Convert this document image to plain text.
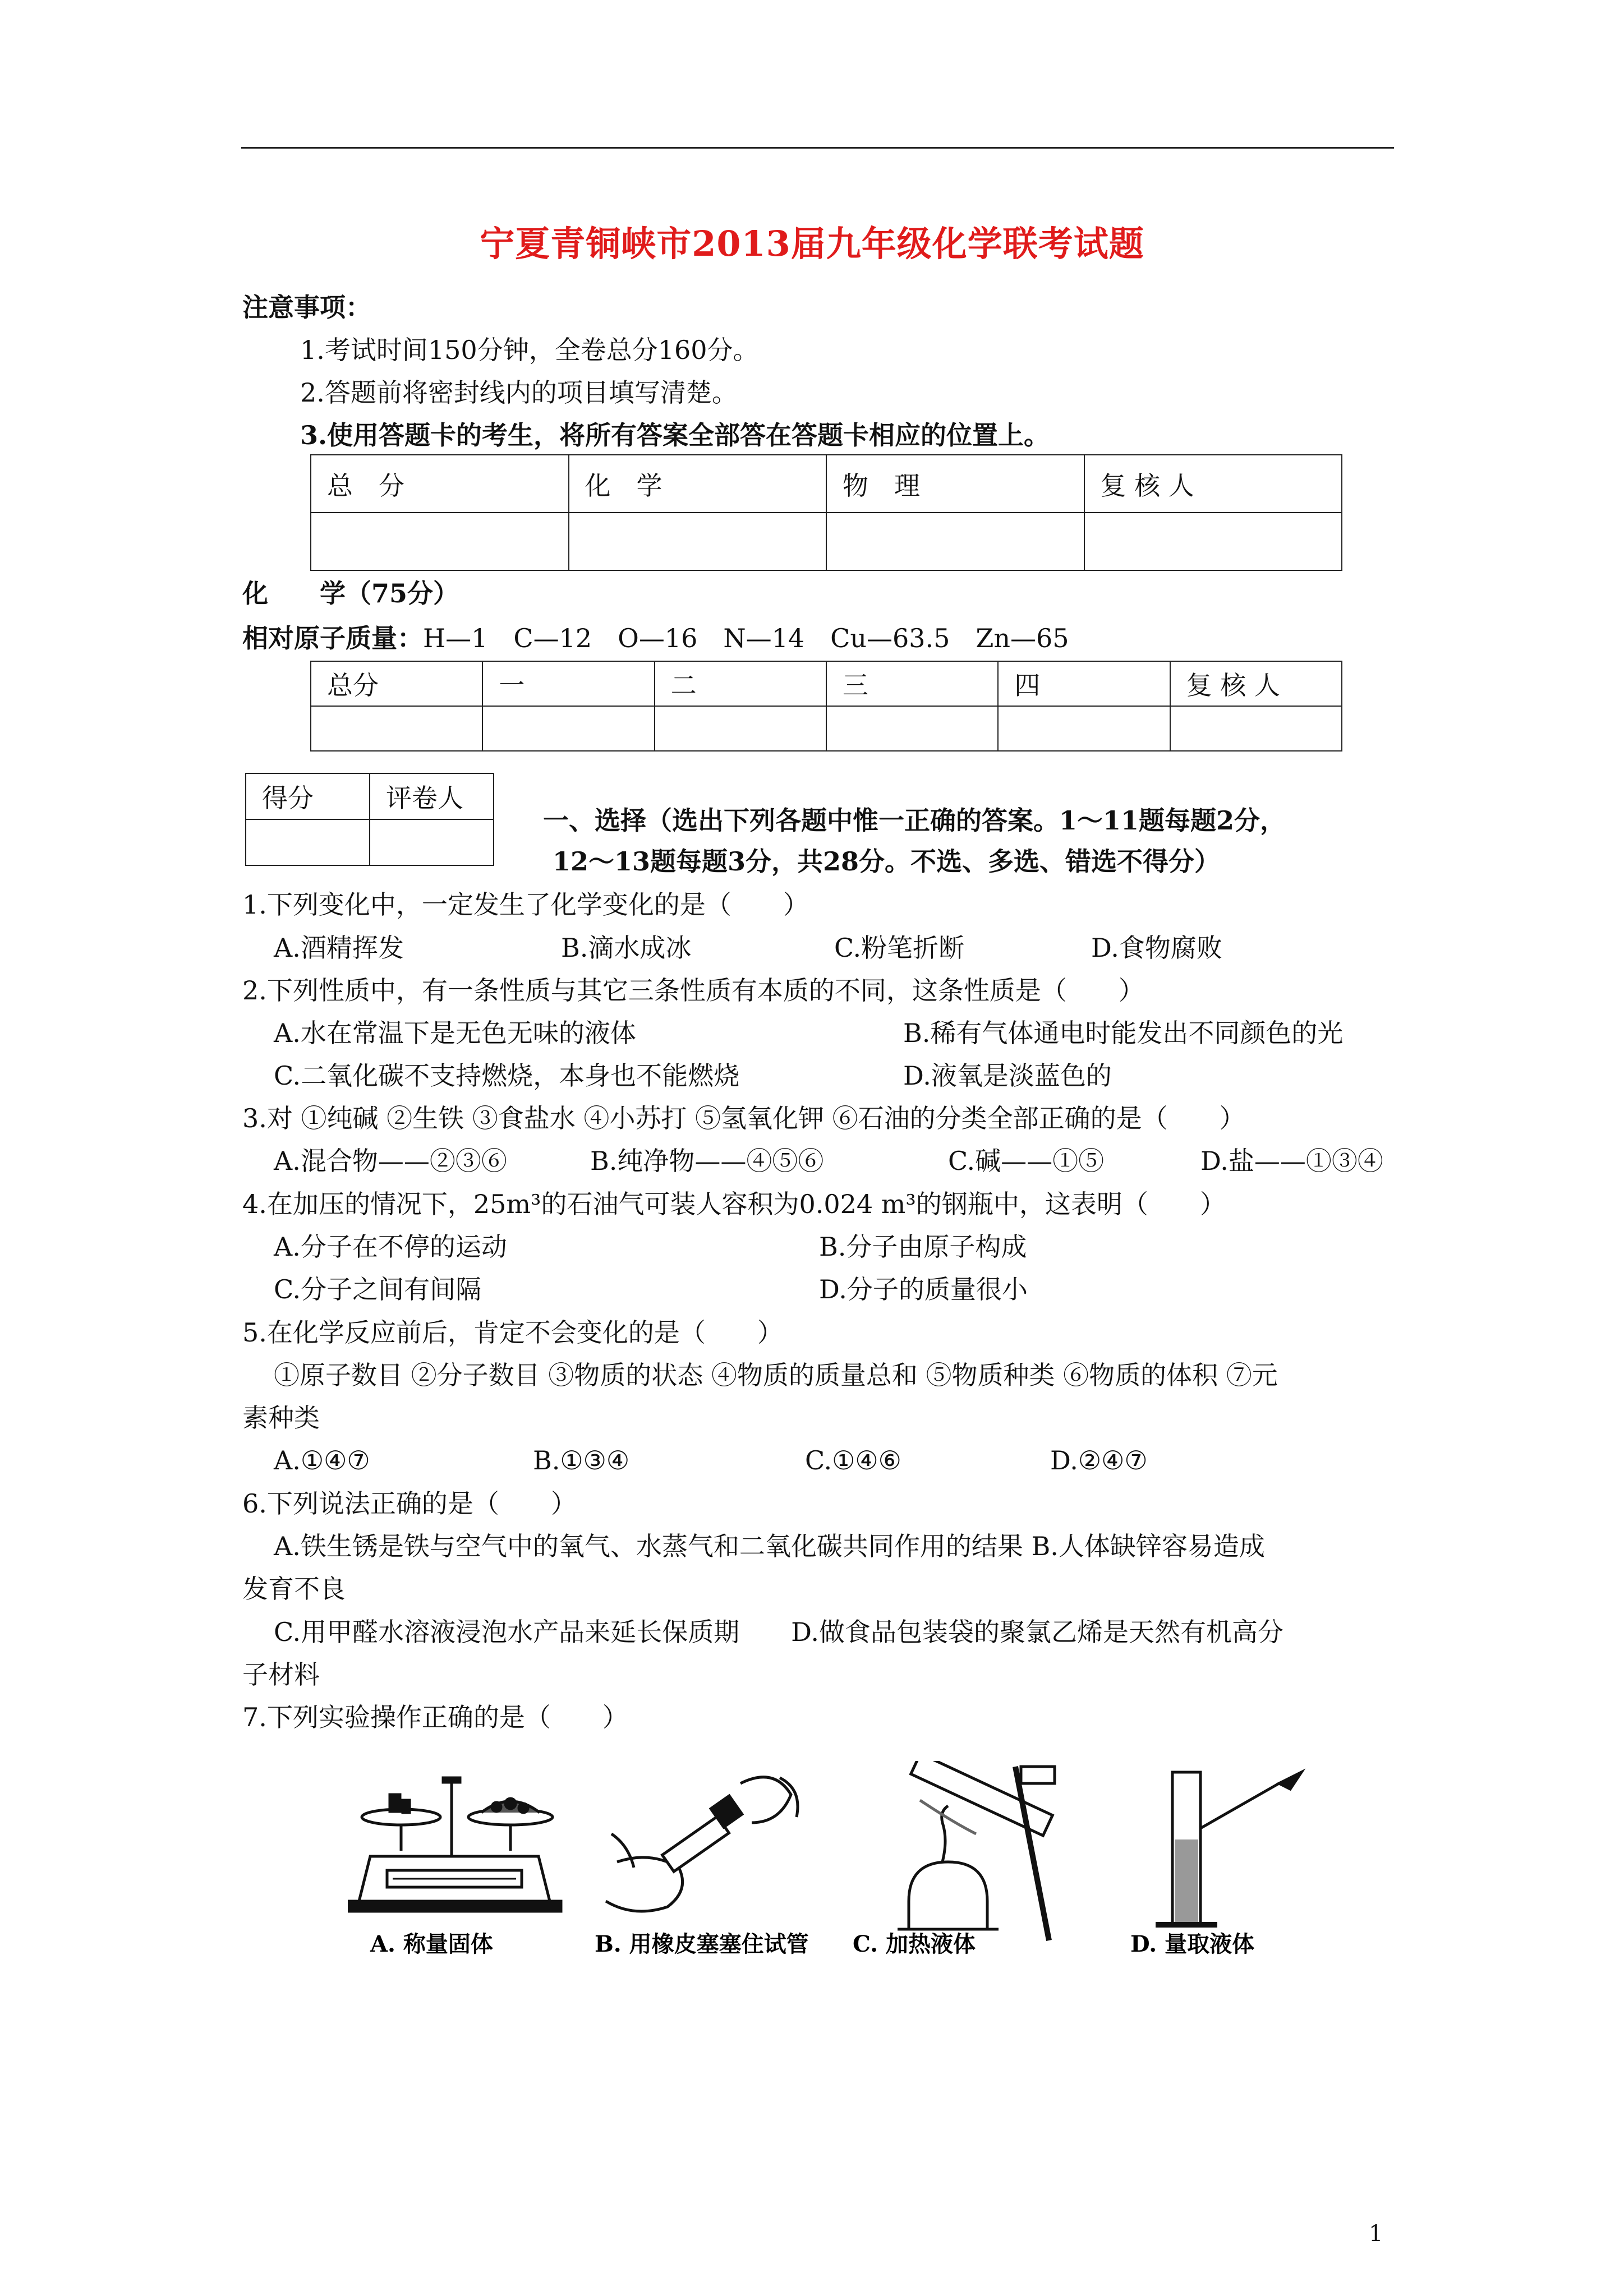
宁夏青铜峡市2013届九年级化学联考试题
注意事项：
1.考试时间150分钟，全卷总分160分。
2.答题前将密封线内的项目填写清楚。
3.使用答题卡的考生，将所有答案全部答在答题卡相应的位置上。
总　分	化　学	物　理	复 核 人

化　　学（75分）
相对原子质量：H—1　C—12　O—16　N—14　Cu—63.5　Zn—65
总分	一	二	三	四	复 核 人

得分	评卷人

一、选择（选出下列各题中惟一正确的答案。1～11题每题2分，
12～13题每题3分，共28分。不选、多选、错选不得分）
1.下列变化中，一定发生了化学变化的是（　　）
A.酒精挥发	B.滴水成冰	C.粉笔折断	D.食物腐败
2.下列性质中，有一条性质与其它三条性质有本质的不同，这条性质是（　　）
A.水在常温下是无色无味的液体	B.稀有气体通电时能发出不同颜色的光
C.二氧化碳不支持燃烧，本身也不能燃烧	D.液氧是淡蓝色的
3.对 ①纯碱 ②生铁 ③食盐水 ④小苏打 ⑤氢氧化钾 ⑥石油的分类全部正确的是（　　）
A.混合物——②③⑥	B.纯净物——④⑤⑥	C.碱——①⑤	D.盐——①③④
4.在加压的情况下，25m³的石油气可装人容积为0.024 m³的钢瓶中，这表明（　　）
A.分子在不停的运动	B.分子由原子构成
C.分子之间有间隔	D.分子的质量很小
5.在化学反应前后，肯定不会变化的是（　　）
①原子数目 ②分子数目 ③物质的状态 ④物质的质量总和 ⑤物质种类 ⑥物质的体积 ⑦元
素种类
A.①④⑦	B.①③④	C.①④⑥	D.②④⑦
6.下列说法正确的是（　　）
A.铁生锈是铁与空气中的氧气、水蒸气和二氧化碳共同作用的结果 B.人体缺锌容易造成
发育不良
C.用甲醛水溶液浸泡水产品来延长保质期　　D.做食品包装袋的聚氯乙烯是天然有机高分
子材料
7.下列实验操作正确的是（　　）
A. 称量固体	B. 用橡皮塞塞住试管 C. 加热液体	D. 量取液体
1
